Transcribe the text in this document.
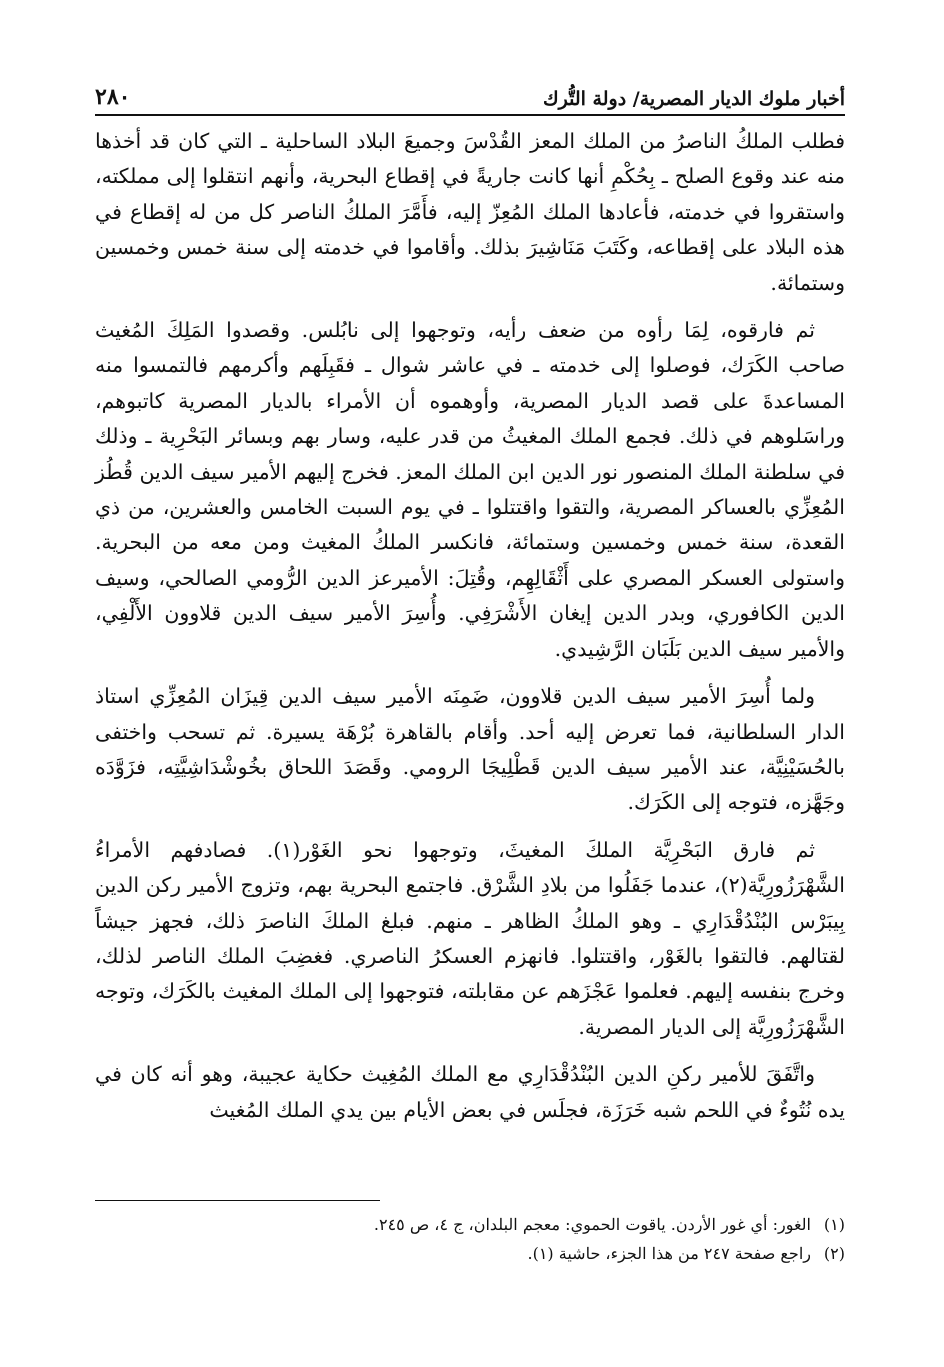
أخبار ملوك الديار المصرية/ دولة التُّرك
٢٨٠

فطلب الملكُ الناصرُ من الملك المعز القُدْسَ وجميعَ البلاد الساحلية ـ التي كان قد أخذها منه عند وقوع الصلح ـ بِحُكْمِ أنها كانت جاريةً في إقطاع البحرية، وأنهم انتقلوا إلى مملكته، واستقروا في خدمته، فأعادها الملك المُعِزّ إليه، فأَمَّرَ الملكُ الناصر كل من له إقطاع في هذه البلاد على إقطاعه، وكَتَبَ مَنَاشِيرَ بذلك. وأقاموا في خدمته إلى سنة خمس وخمسين وستمائة.

ثم فارقوه، لِمَا رأوه من ضعف رأيه، وتوجهوا إلى نابُلس. وقصدوا المَلِكَ المُغيث صاحب الكَرَك، فوصلوا إلى خدمته ـ في عاشر شوال ـ فقَبِلَهم وأكرمهم فالتمسوا منه المساعدةَ على قصد الديار المصرية، وأوهموه أن الأمراء بالديار المصرية كاتبوهم، وراسَلوهم في ذلك. فجمع الملك المغيثُ من قدر عليه، وسار بهم وبسائر البَحْرِية ـ وذلك في سلطنة الملك المنصور نور الدين ابن الملك المعز. فخرج إليهم الأمير سيف الدين قُطُز المُعِزِّي بالعساكر المصرية، والتقوا واقتتلوا ـ في يوم السبت الخامس والعشرين، من ذي القعدة، سنة خمس وخمسين وستمائة، فانكسر الملكُ المغيث ومن معه من البحرية. واستولى العسكر المصري على أَثْقَالِهِم، وقُتِلَ: الأميرعز الدين الرُّومي الصالحي، وسيف الدين الكافوري، وبدر الدين إيغان الأَشْرَفِي. وأُسِرَ الأمير سيف الدين قلاوون الأَلْفِي، والأمير سيف الدين بَلَبَان الرَّشِيدي.

ولما أُسِرَ الأمير سيف الدين قلاوون، ضَمِنَه الأمير سيف الدين قِيزَان المُعِزِّي استاذ الدار السلطانية، فما تعرض إليه أحد. وأقام بالقاهرة بُرْهَة يسيرة. ثم تسحب واختفى بالحُسَيْنِيَّة، عند الأمير سيف الدين قَطْلِيجَا الرومي. وقَصَدَ اللحاق بخُوشْدَاشِيَّتِه، فزَوَّدَه وجَهَّزه، فتوجه إلى الكَرَك.

ثم فارق البَحْرِيَّة الملكَ المغيثَ، وتوجهوا نحو الغَوْر(١). فصادفهم الأمراءُ الشَّهْرَزُورِيَّة(٢)، عندما جَفَلُوا من بلادِ الشَّرْق. فاجتمع البحرية بهم، وتزوج الأمير ركن الدين بِيبَرْس البُنْدُقْدَارِي ـ وهو الملكُ الظاهر ـ منهم. فبلغ الملكَ الناصرَ ذلك، فجهز جيشاً لقتالهم. فالتقوا بالغَوْر، واقتتلوا. فانهزم العسكرُ الناصري. فغضِبَ الملك الناصر لذلك، وخرج بنفسه إليهم. فعلموا عَجْزَهم عن مقابلته، فتوجهوا إلى الملك المغيث بالكَرَك، وتوجه الشَّهْرَزُورِيَّة إلى الديار المصرية.

واتَّفَقَ للأمير ركنِ الدين البُنْدُقْدَارِي مع الملك المُغِيث حكاية عجيبة، وهو أنه كان في يده نُتُوءٌ في اللحم شبه خَرَزَة، فجلَس في بعض الأيام بين يدي الملك المُغيث

(١)
الغور: أي غور الأردن. ياقوت الحموي: معجم البلدان، ج ٤، ص ٢٤٥.
(٢)
راجع صفحة ٢٤٧ من هذا الجزء، حاشية (١).
